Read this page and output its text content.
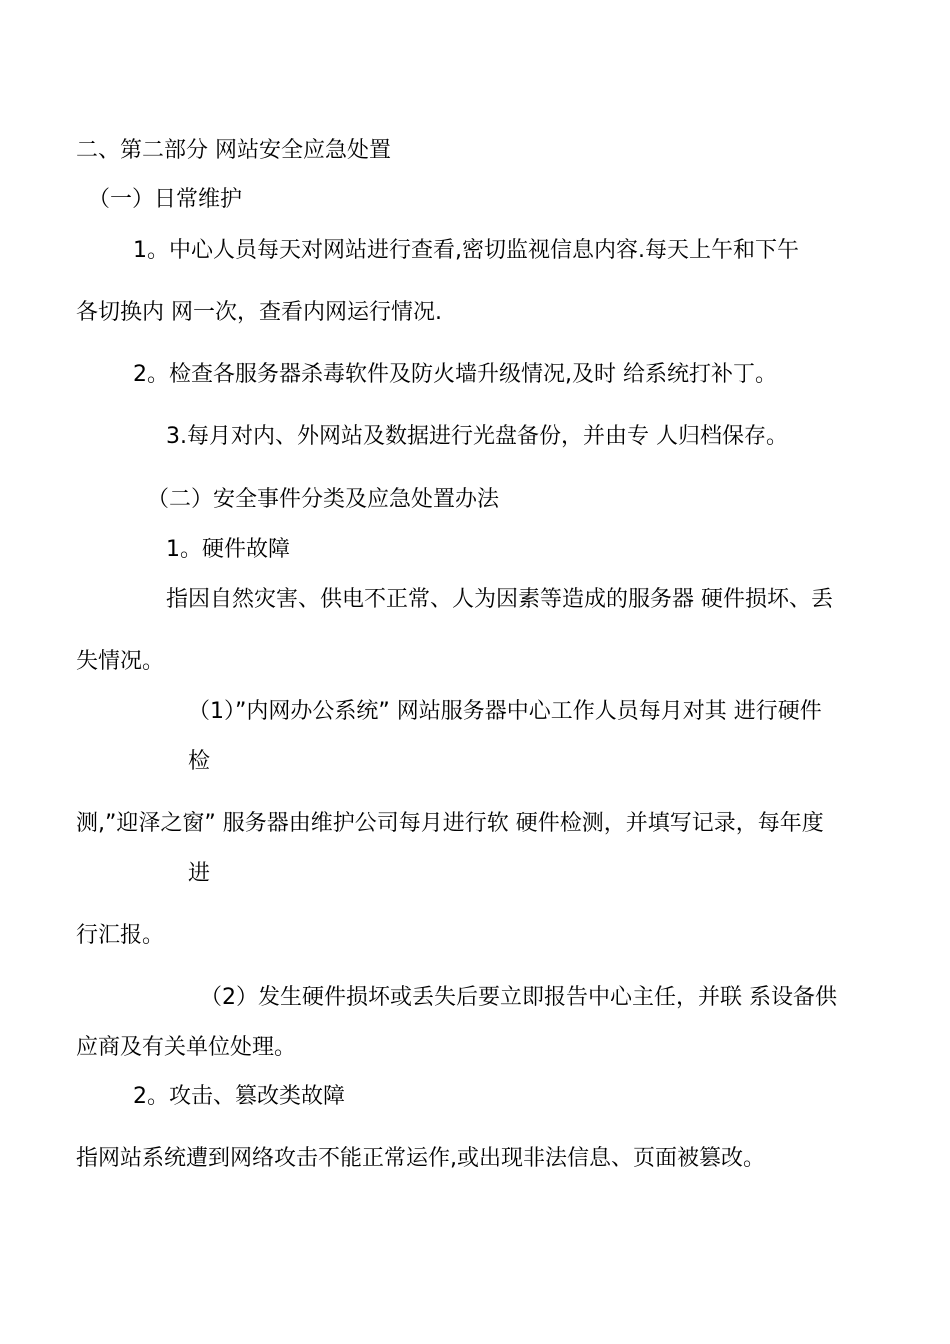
二、第二部分 网站安全应急处置
（一）日常维护
1。中心人员每天对网站进行查看,密切监视信息内容.每天上午和下午
各切换内 网一次，查看内网运行情况.
2。检查各服务器杀毒软件及防火墙升级情况,及时 给系统打补丁。
3.每月对内、外网站及数据进行光盘备份，并由专 人归档保存。
（二）安全事件分类及应急处置办法
1。硬件故障
指因自然灾害、供电不正常、人为因素等造成的服务器 硬件损坏、丢
失情况。
（1）”内网办公系统” 网站服务器中心工作人员每月对其 进行硬件
检
测,”迎泽之窗” 服务器由维护公司每月进行软 硬件检测，并填写记录，每年度
进
行汇报。
（2）发生硬件损坏或丢失后要立即报告中心主任，并联 系设备供
应商及有关单位处理。
2。攻击、篡改类故障
指网站系统遭到网络攻击不能正常运作,或出现非法信息、页面被篡改。
